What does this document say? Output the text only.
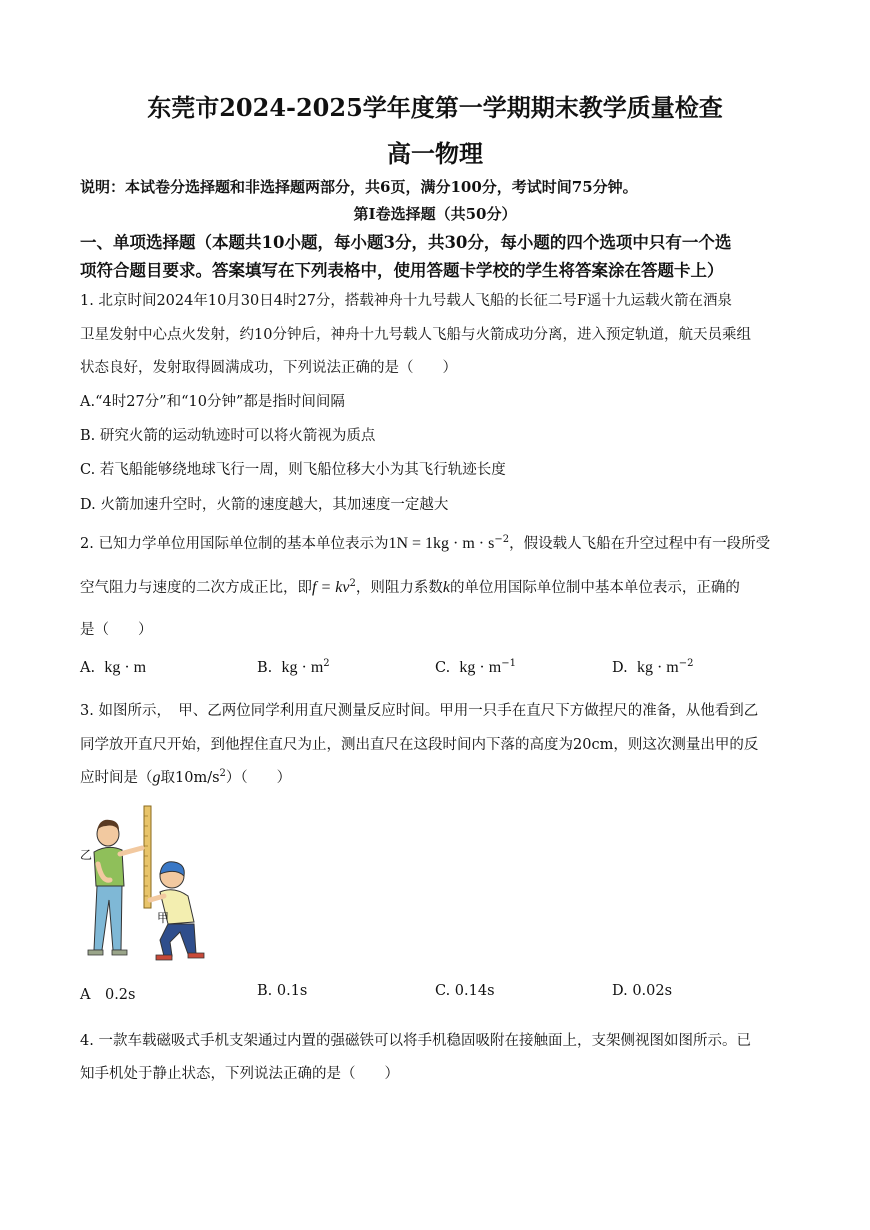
东莞市2024-2025学年度第一学期期末教学质量检查
高一物理
说明：本试卷分选择题和非选择题两部分，共6页，满分100分，考试时间75分钟。
第I卷选择题（共50分）
一、单项选择题（本题共10小题，每小题3分，共30分，每小题的四个选项中只有一个选
项符合题目要求。答案填写在下列表格中，使用答题卡学校的学生将答案涂在答题卡上）
1. 北京时间2024年10月30日4时27分，搭载神舟十九号载人飞船的长征二号F遥十九运载火箭在酒泉
卫星发射中心点火发射，约10分钟后，神舟十九号载人飞船与火箭成功分离，进入预定轨道，航天员乘组
状态良好，发射取得圆满成功，下列说法正确的是（　　）
A.“4时27分”和“10分钟”都是指时间间隔
B. 研究火箭的运动轨迹时可以将火箭视为质点
C. 若飞船能够绕地球飞行一周，则飞船位移大小为其飞行轨迹长度
D. 火箭加速升空时，火箭的速度越大，其加速度一定越大
2. 已知力学单位用国际单位制的基本单位表示为$1N = 1kg \cdot m \cdot s^{-2}$，假设载人飞船在升空过程中有一段所受
空气阻力与速度的二次方成正比，即$f = kv^2$，则阻力系数k的单位用国际单位制中基本单位表示，正确的
是（　　）
A. kg · m	B. kg · $m^2$	C. kg · $m^{-1}$	D. kg · $m^{-2}$
3. 如图所示，　甲、乙两位同学利用直尺测量反应时间。甲用一只手在直尺下方做捏尺的准备，从他看到乙
同学放开直尺开始，到他捏住直尺为止，测出直尺在这段时间内下落的高度为20cm，则这次测量出甲的反
应时间是（g取$10m/s^2$）（　　）
乙
甲
A　0.2s	B. 0.1s	C. 0.14s	D. 0.02s
4. 一款车载磁吸式手机支架通过内置的强磁铁可以将手机稳固吸附在接触面上，支架侧视图如图所示。已
知手机处于静止状态，下列说法正确的是（　　）
